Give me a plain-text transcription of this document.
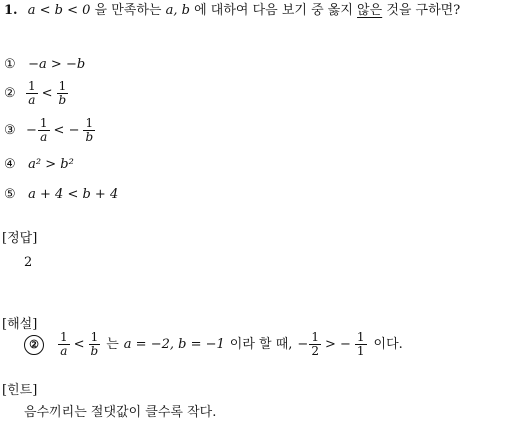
1. a < b < 0 을 만족하는 a, b 에 대하여 다음 보기 중 옳지 않은 것을 구하면?
① −a > −b
② $\frac{1}{a} < \frac{1}{b}$
③ − $\frac{1}{a}$ < − $\frac{1}{b}$
④ a² > b²
⑤ a + 4 < b + 4
[정답]
2
[해설]
②	$\frac{1}{a} < \frac{1}{b}$ 는 a = −2, b = −1 이라 할 때, − $\frac{1}{2}$ > − $\frac{1}{1}$ 이다.
[힌트]
음수끼리는 절댓값이 클수록 작다.
